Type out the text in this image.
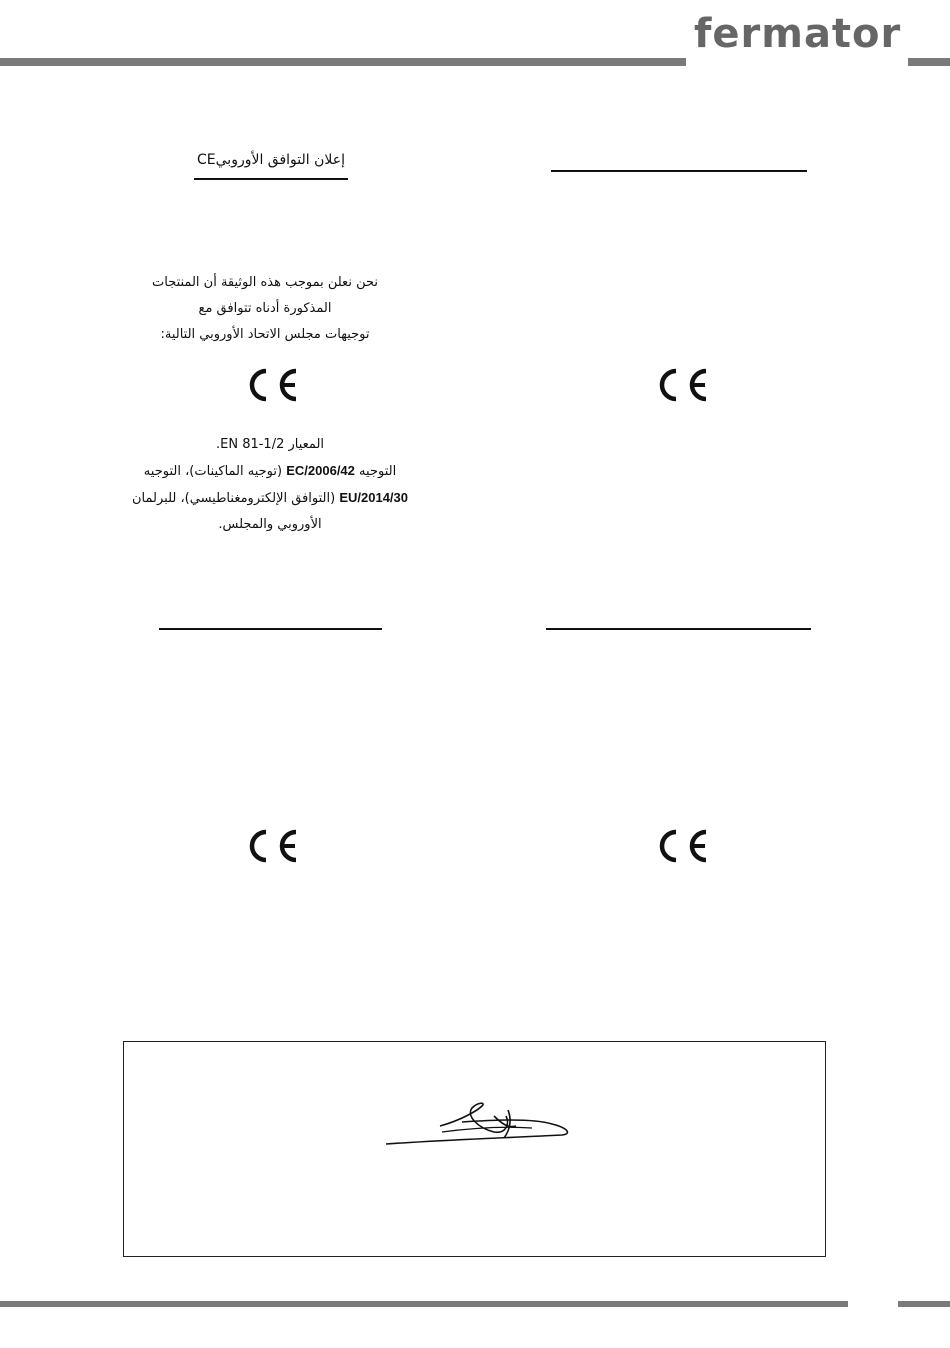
fermator
إعلان التوافق الأوروبيCE
نحن نعلن بموجب هذه الوثيقة أن المنتجات
المذكورة أدناه تتوافق مع
توجيهات مجلس الاتحاد الأوروبي التالية:
المعيار EN 81-1/2.
التوجيه EC/2006/42 (توجيه الماكينات)، التوجيه
30/EU/2014 (التوافق الإلكترومغناطيسي)، للبرلمان
الأوروبي والمجلس.
